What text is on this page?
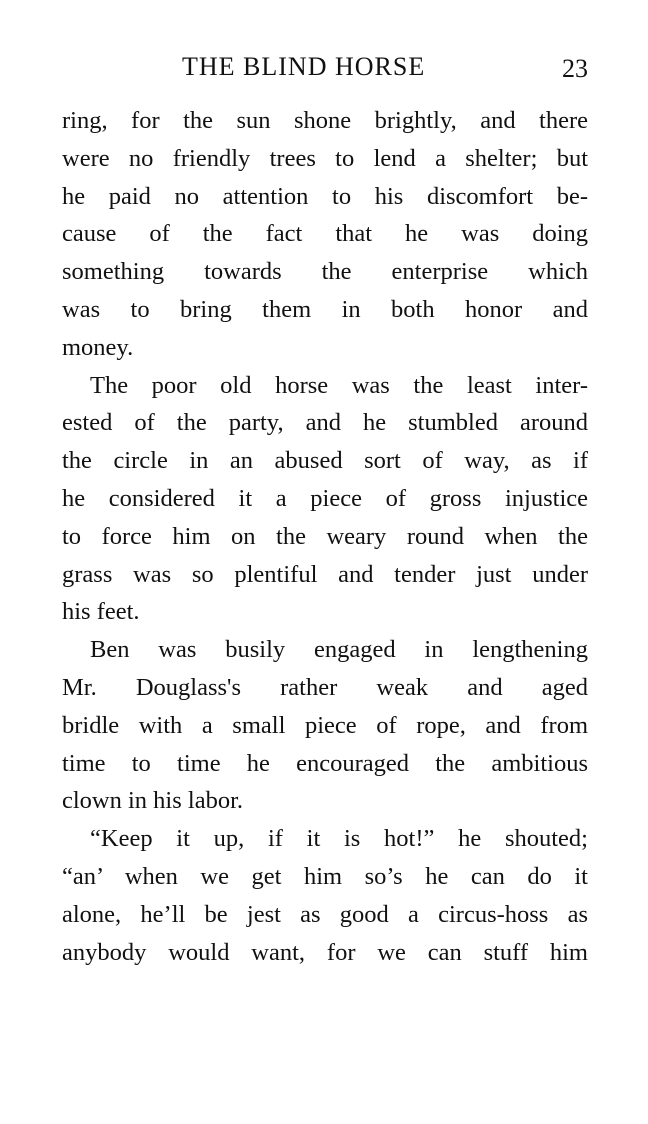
THE BLIND HORSE	23
ring, for the sun shone brightly, and there
were no friendly trees to lend a shelter; but
he paid no attention to his discomfort be-
cause of the fact that he was doing
something towards the enterprise which
was to bring them in both honor and
money.
The poor old horse was the least inter-
ested of the party, and he stumbled around
the circle in an abused sort of way, as if
he considered it a piece of gross injustice
to force him on the weary round when the
grass was so plentiful and tender just under
his feet.
Ben was busily engaged in lengthening
Mr. Douglass's rather weak and aged
bridle with a small piece of rope, and from
time to time he encouraged the ambitious
clown in his labor.
“Keep it up, if it is hot!” he shouted;
“an’ when we get him so’s he can do it
alone, he’ll be jest as good a circus-hoss as
anybody would want, for we can stuff him
